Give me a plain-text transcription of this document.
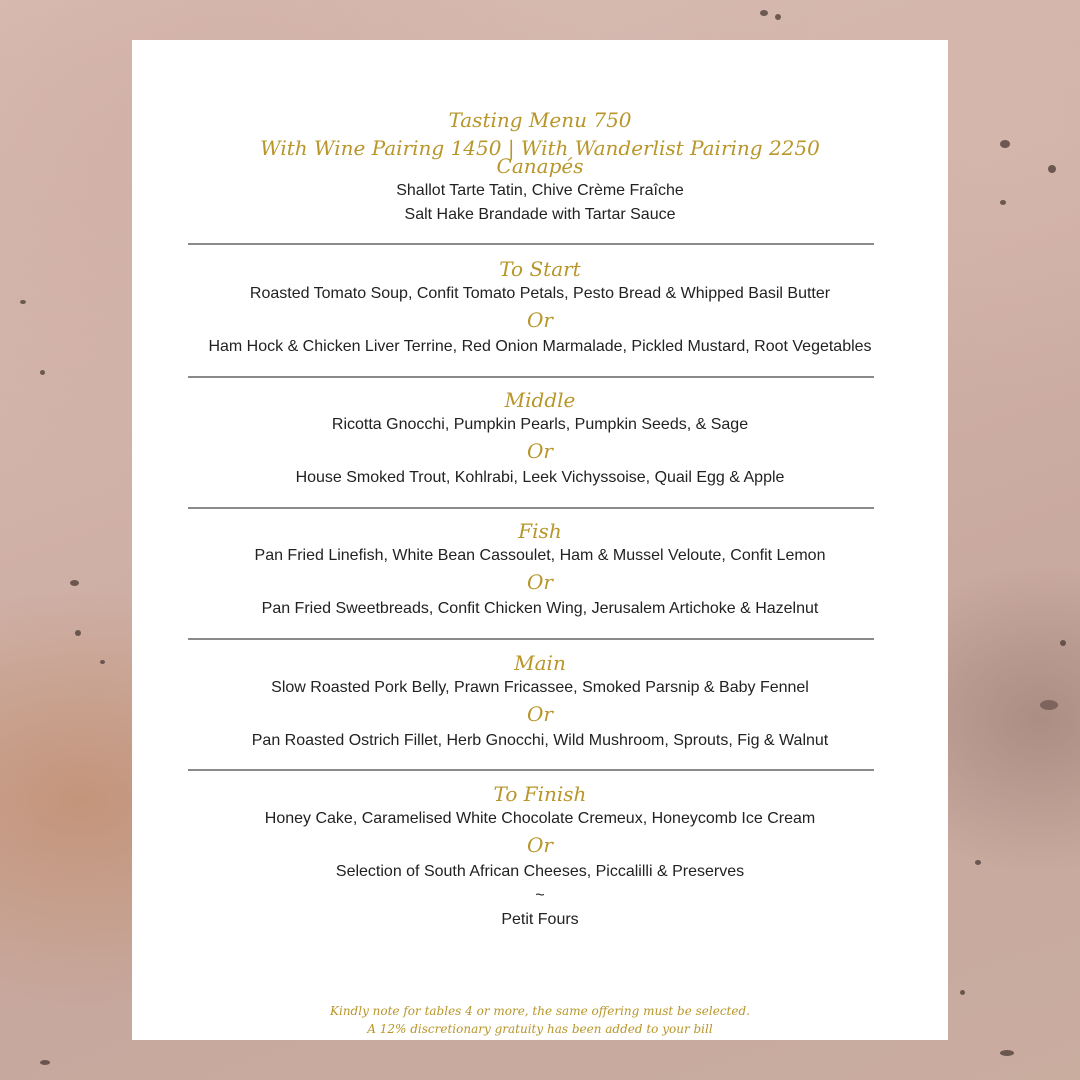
Tasting Menu 750
With Wine Pairing 1450 | With Wanderlist Pairing 2250
Canapés
Shallot Tarte Tatin, Chive Crème Fraîche
Salt Hake Brandade with Tartar Sauce
To Start
Roasted Tomato Soup, Confit Tomato Petals, Pesto Bread & Whipped Basil Butter
Or
Ham Hock & Chicken Liver Terrine, Red Onion Marmalade, Pickled Mustard, Root Vegetables
Middle
Ricotta Gnocchi, Pumpkin Pearls, Pumpkin Seeds, & Sage
Or
House Smoked Trout, Kohlrabi, Leek Vichyssoise, Quail Egg & Apple
Fish
Pan Fried Linefish, White Bean Cassoulet, Ham & Mussel Veloute, Confit Lemon
Or
Pan Fried Sweetbreads, Confit Chicken Wing, Jerusalem Artichoke & Hazelnut
Main
Slow Roasted Pork Belly, Prawn Fricassee, Smoked Parsnip & Baby Fennel
Or
Pan Roasted Ostrich Fillet, Herb Gnocchi, Wild Mushroom, Sprouts, Fig & Walnut
To Finish
Honey Cake, Caramelised White Chocolate Cremeux, Honeycomb Ice Cream
Or
Selection of South African Cheeses, Piccalilli & Preserves
~
Petit Fours
Kindly note for tables 4 or more, the same offering must be selected.
A 12% discretionary gratuity has been added to your bill
